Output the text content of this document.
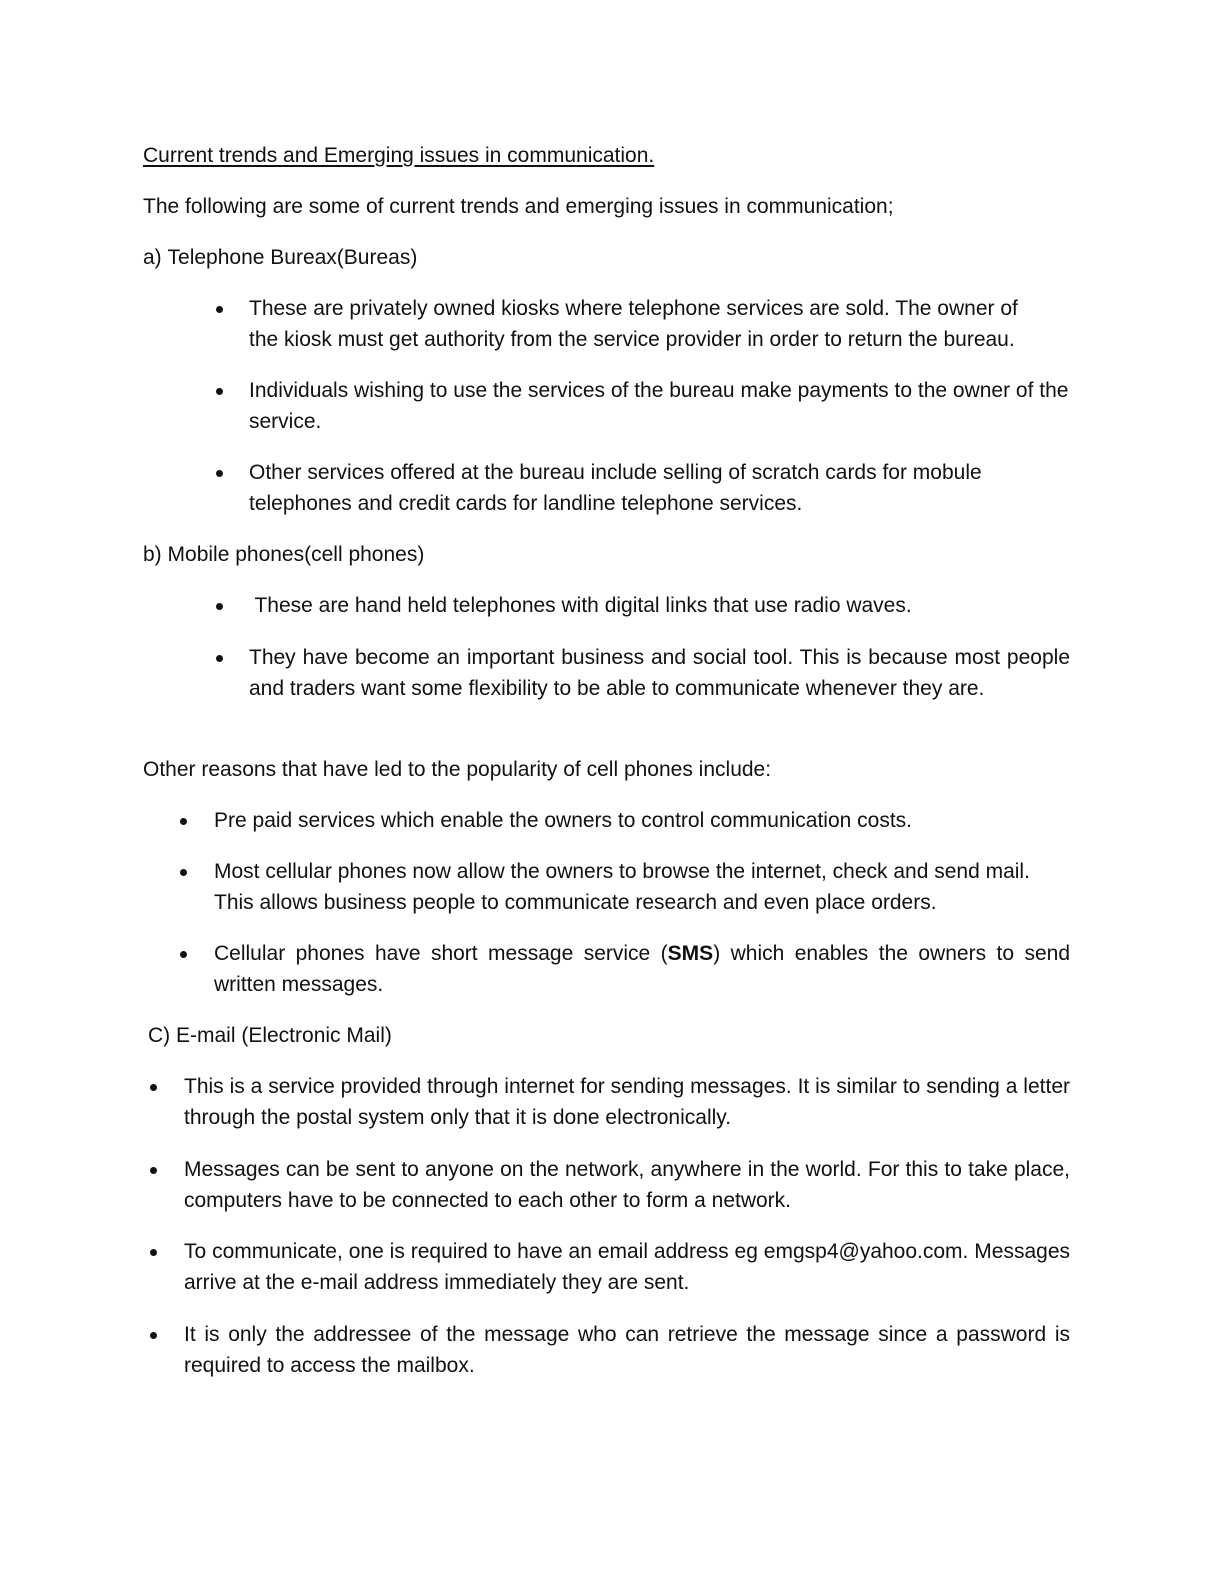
Current trends and Emerging issues in communication.

The following are some of current trends and emerging issues in communication;

a) Telephone Bureax(Bureas)

These are privately owned kiosks where telephone services are sold. The owner of the kiosk must get authority from the service provider in order to return the bureau.

Individuals wishing to use the services of the bureau make payments to the owner of the service.

Other services offered at the bureau include selling of scratch cards for mobule telephones and credit cards for landline telephone services.

b) Mobile phones(cell phones)

These are hand held telephones with digital links that use radio waves.

They have become an important business and social tool. This is because most people and traders want some flexibility to be able to communicate whenever they are.

Other reasons that have led to the popularity of cell phones include:

Pre paid services which enable the owners to control communication costs.

Most cellular phones now allow the owners to browse the internet, check and send mail. This allows business people to communicate research and even place orders.

Cellular phones have short message service (SMS) which enables the owners to send written messages.

C) E-mail (Electronic Mail)

This is a service provided through internet for sending messages. It is similar to sending a letter through the postal system only that it is done electronically.

Messages can be sent to anyone on the network, anywhere in the world. For this to take place, computers have to be connected to each other to form a network.

To communicate, one is required to have an email address eg emgsp4@yahoo.com. Messages arrive at the e-mail address immediately they are sent.

It is only the addressee of the message who can retrieve the message since a password is required to access the mailbox.
